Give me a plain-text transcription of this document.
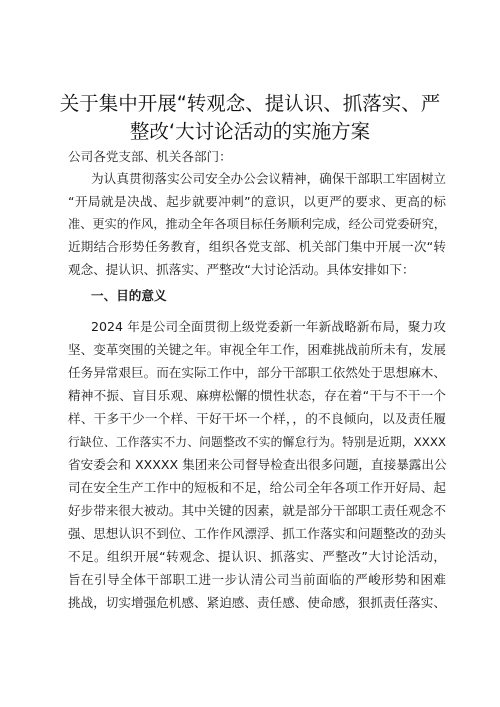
关于集中开展“转观念、提认识、抓落实、严
整改‘大讨论活动的实施方案
公司各党支部、机关各部门：
为认真贯彻落实公司安全办公会议精神，确保干部职工牢固树立
“开局就是决战、起步就要冲刺”的意识，以更严的要求、更高的标
准、更实的作风，推动全年各项目标任务顺利完成，经公司党委研究，
近期结合形势任务教育，组织各党支部、机关部门集中开展一次“转
观念、提认识、抓落实、严整改“大讨论活动。具体安排如下：
一、目的意义
2024 年是公司全面贯彻上级党委新一年新战略新布局，聚力攻
坚、变革突围的关键之年。审视全年工作，困难挑战前所未有，发展
任务异常艰巨。而在实际工作中，部分干部职工依然处于思想麻木、
精神不振、盲目乐观、麻痹松懈的惯性状态，存在着“干与不干一个
样、干多干少一个样、干好干坏一个样，，的不良倾向，以及责任履
行缺位、工作落实不力、问题整改不实的懈怠行为。特别是近期，XXXX
省安委会和 XXXXX 集团来公司督导检查出很多问题，直接暴露出公
司在安全生产工作中的短板和不足，给公司全年各项工作开好局、起
好步带来很大被动。其中关键的因素，就是部分干部职工责任观念不
强、思想认识不到位、工作作风漂浮、抓工作落实和问题整改的劲头
不足。组织开展“转观念、提认识、抓落实、严整改”大讨论活动，
旨在引导全体干部职工进一步认清公司当前面临的严峻形势和困难
挑战，切实增强危机感、紧迫感、责任感、使命感，狠抓责任落实、
